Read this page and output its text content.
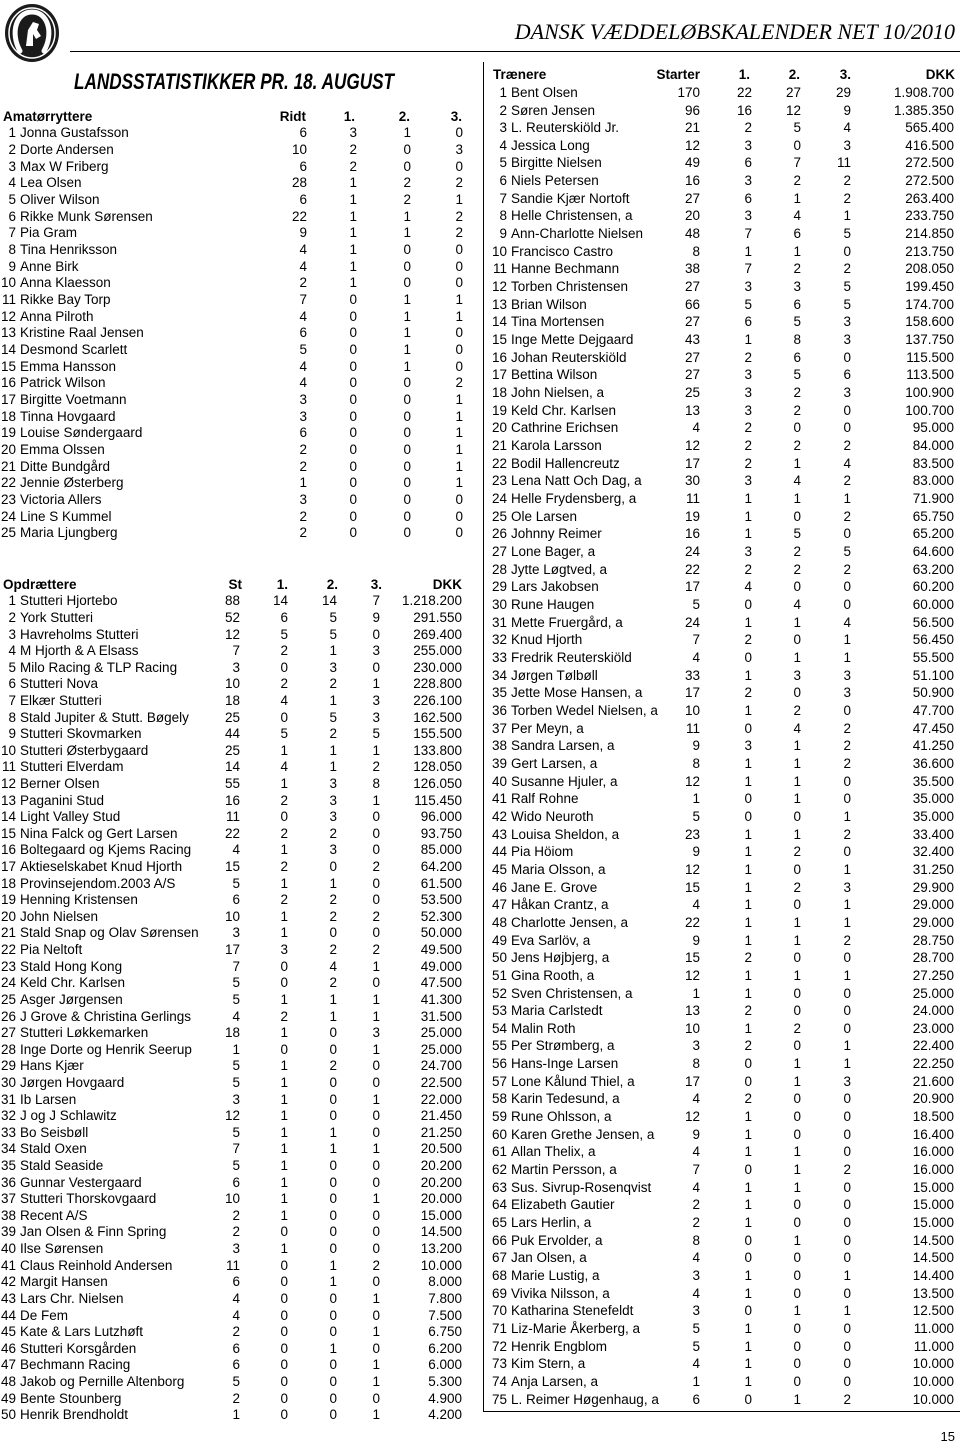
DANSK VÆDDELØBSKALENDER NET 10/2010
LANDSSTATISTIKKER PR. 18. AUGUST
Amatørryttere	Ridt	1.	2.	3.
1 Jonna Gustafsson	6	3	1	0
2 Dorte Andersen	10	2	0	3
3 Max W Friberg	6	2	0	0
4 Lea Olsen	28	1	2	2
5 Oliver Wilson	6	1	2	1
6 Rikke Munk Sørensen	22	1	1	2
7 Pia Gram	9	1	1	2
8 Tina Henriksson	4	1	0	0
9 Anne Birk	4	1	0	0
10 Anna Klaesson	2	1	0	0
11 Rikke Bay Torp	7	0	1	1
12 Anna Pilroth	4	0	1	1
13 Kristine Raal Jensen	6	0	1	0
14 Desmond Scarlett	5	0	1	0
15 Emma Hansson	4	0	1	0
16 Patrick Wilson	4	0	0	2
17 Birgitte Voetmann	3	0	0	1
18 Tinna Hovgaard	3	0	0	1
19 Louise Søndergaard	6	0	0	1
20 Emma Olssen	2	0	0	1
21 Ditte Bundgård	2	0	0	1
22 Jennie Østerberg	1	0	0	1
23 Victoria Allers	3	0	0	0
24 Line S Kummel	2	0	0	0
25 Maria Ljungberg	2	0	0	0
Opdrættere	St	1.	2.	3.	DKK
1 Stutteri Hjortebo	88	14	14	7	1.218.200
2 York Stutteri	52	6	5	9	291.550
3 Havreholms Stutteri	12	5	5	0	269.400
4 M Hjorth & A Elsass	7	2	1	3	255.000
5 Milo Racing & TLP Racing	3	0	3	0	230.000
6 Stutteri Nova	10	2	2	1	228.800
7 Elkær Stutteri	18	4	1	3	226.100
8 Stald Jupiter & Stutt. Bøgely	25	0	5	3	162.500
9 Stutteri Skovmarken	44	5	2	5	155.500
10 Stutteri Østerbygaard	25	1	1	1	133.800
11 Stutteri Elverdam	14	4	1	2	128.050
12 Berner Olsen	55	1	3	8	126.050
13 Paganini Stud	16	2	3	1	115.450
14 Light Valley Stud	11	0	3	0	96.000
15 Nina Falck og Gert Larsen	22	2	2	0	93.750
16 Boltegaard og Kjems Racing	4	1	3	0	85.000
17 Aktieselskabet Knud Hjorth	15	2	0	2	64.200
18 Provinsejendom.2003 A/S	5	1	1	0	61.500
19 Henning Kristensen	6	2	2	0	53.500
20 John Nielsen	10	1	2	2	52.300
21 Stald Snap og Olav Sørensen	3	1	0	0	50.000
22 Pia Neltoft	17	3	2	2	49.500
23 Stald Hong Kong	7	0	4	1	49.000
24 Keld Chr. Karlsen	5	0	2	0	47.500
25 Asger Jørgensen	5	1	1	1	41.300
26 J Grove & Christina Gerlings	4	2	1	1	31.500
27 Stutteri Løkkemarken	18	1	0	3	25.000
28 Inge Dorte og Henrik Seerup	1	0	0	1	25.000
29 Hans Kjær	5	1	2	0	24.700
30 Jørgen Hovgaard	5	1	0	0	22.500
31 Ib Larsen	3	1	0	1	22.000
32 J og J Schlawitz	12	1	0	0	21.450
33 Bo Seisbøll	5	1	1	0	21.250
34 Stald Oxen	7	1	1	1	20.500
35 Stald Seaside	5	1	0	0	20.200
36 Gunnar Vestergaard	6	1	0	0	20.200
37 Stutteri Thorskovgaard	10	1	0	1	20.000
38 Recent A/S	2	1	0	0	15.000
39 Jan Olsen & Finn Spring	2	0	0	0	14.500
40 Ilse Sørensen	3	1	0	0	13.200
41 Claus Reinhold Andersen	11	0	1	2	10.000
42 Margit Hansen	6	0	1	0	8.000
43 Lars Chr. Nielsen	4	0	0	1	7.800
44 De Fem	4	0	0	0	7.500
45 Kate & Lars Lutzhøft	2	0	0	1	6.750
46 Stutteri Korsgården	6	0	1	0	6.200
47 Bechmann Racing	6	0	0	1	6.000
48 Jakob og Pernille Altenborg	5	0	0	1	5.300
49 Bente Stounberg	2	0	0	0	4.900
50 Henrik Brendholdt	1	0	0	1	4.200
Trænere	Starter	1.	2.	3.	DKK
1 Bent Olsen	170	22	27	29	1.908.700
2 Søren Jensen	96	16	12	9	1.385.350
3 L. Reuterskiöld Jr.	21	2	5	4	565.400
4 Jessica Long	12	3	0	3	416.500
5 Birgitte Nielsen	49	6	7	11	272.500
6 Niels Petersen	16	3	2	2	272.500
7 Sandie Kjær Nortoft	27	6	1	2	263.400
8 Helle Christensen, a	20	3	4	1	233.750
9 Ann-Charlotte Nielsen	48	7	6	5	214.850
10 Francisco Castro	8	1	1	0	213.750
11 Hanne Bechmann	38	7	2	2	208.050
12 Torben Christensen	27	3	3	5	199.450
13 Brian Wilson	66	5	6	5	174.700
14 Tina Mortensen	27	6	5	3	158.600
15 Inge Mette Dejgaard	43	1	8	3	137.750
16 Johan Reuterskiöld	27	2	6	0	115.500
17 Bettina Wilson	27	3	5	6	113.500
18 John Nielsen, a	25	3	2	3	100.900
19 Keld Chr. Karlsen	13	3	2	0	100.700
20 Cathrine Erichsen	4	2	0	0	95.000
21 Karola Larsson	12	2	2	2	84.000
22 Bodil Hallencreutz	17	2	1	4	83.500
23 Lena Natt Och Dag, a	30	3	4	2	83.000
24 Helle Frydensberg, a	11	1	1	1	71.900
25 Ole Larsen	19	1	0	2	65.750
26 Johnny Reimer	16	1	5	0	65.200
27 Lone Bager, a	24	3	2	5	64.600
28 Jytte Løgtved, a	22	2	2	2	63.200
29 Lars Jakobsen	17	4	0	0	60.200
30 Rune Haugen	5	0	4	0	60.000
31 Mette Fruergård, a	24	1	1	4	56.500
32 Knud Hjorth	7	2	0	1	56.450
33 Fredrik Reuterskiöld	4	0	1	1	55.500
34 Jørgen Tølbøll	33	1	3	3	51.100
35 Jette Mose Hansen, a	17	2	0	3	50.900
36 Torben Wedel Nielsen, a	10	1	2	0	47.700
37 Per Meyn, a	11	0	4	2	47.450
38 Sandra Larsen, a	9	3	1	2	41.250
39 Gert Larsen, a	8	1	1	2	36.600
40 Susanne Hjuler, a	12	1	1	0	35.500
41 Ralf Rohne	1	0	1	0	35.000
42 Wido Neuroth	5	0	0	1	35.000
43 Louisa Sheldon, a	23	1	1	2	33.400
44 Pia Höiom	9	1	2	0	32.400
45 Maria Olsson, a	12	1	0	1	31.250
46 Jane E. Grove	15	1	2	3	29.900
47 Håkan Crantz, a	4	1	0	1	29.000
48 Charlotte Jensen, a	22	1	1	1	29.000
49 Eva Sarlöv, a	9	1	1	2	28.750
50 Jens Højbjerg, a	15	2	0	0	28.700
51 Gina Rooth, a	12	1	1	1	27.250
52 Sven Christensen, a	1	1	0	0	25.000
53 Maria Carlstedt	13	2	0	0	24.000
54 Malin Roth	10	1	2	0	23.000
55 Per Strømberg, a	3	2	0	1	22.400
56 Hans-Inge Larsen	8	0	1	1	22.250
57 Lone Kålund Thiel, a	17	0	1	3	21.600
58 Karin Tedesund, a	4	2	0	0	20.900
59 Rune Ohlsson, a	12	1	0	0	18.500
60 Karen Grethe Jensen, a	9	1	0	0	16.400
61 Allan Thelix, a	4	1	1	0	16.000
62 Martin Persson, a	7	0	1	2	16.000
63 Sus. Sivrup-Rosenqvist	4	1	1	0	15.000
64 Elizabeth Gautier	2	1	0	0	15.000
65 Lars Herlin, a	2	1	0	0	15.000
66 Puk Ervolder, a	8	0	1	0	14.500
67 Jan Olsen, a	4	0	0	0	14.500
68 Marie Lustig, a	3	1	0	1	14.400
69 Vivika Nilsson, a	4	1	0	0	13.500
70 Katharina Stenefeldt	3	0	1	1	12.500
71 Liz-Marie Åkerberg, a	5	1	0	0	11.000
72 Henrik Engblom	5	1	0	0	11.000
73 Kim Stern, a	4	1	0	0	10.000
74 Anja Larsen, a	1	1	0	0	10.000
75 L. Reimer Høgenhaug, a	6	0	1	2	10.000
15
